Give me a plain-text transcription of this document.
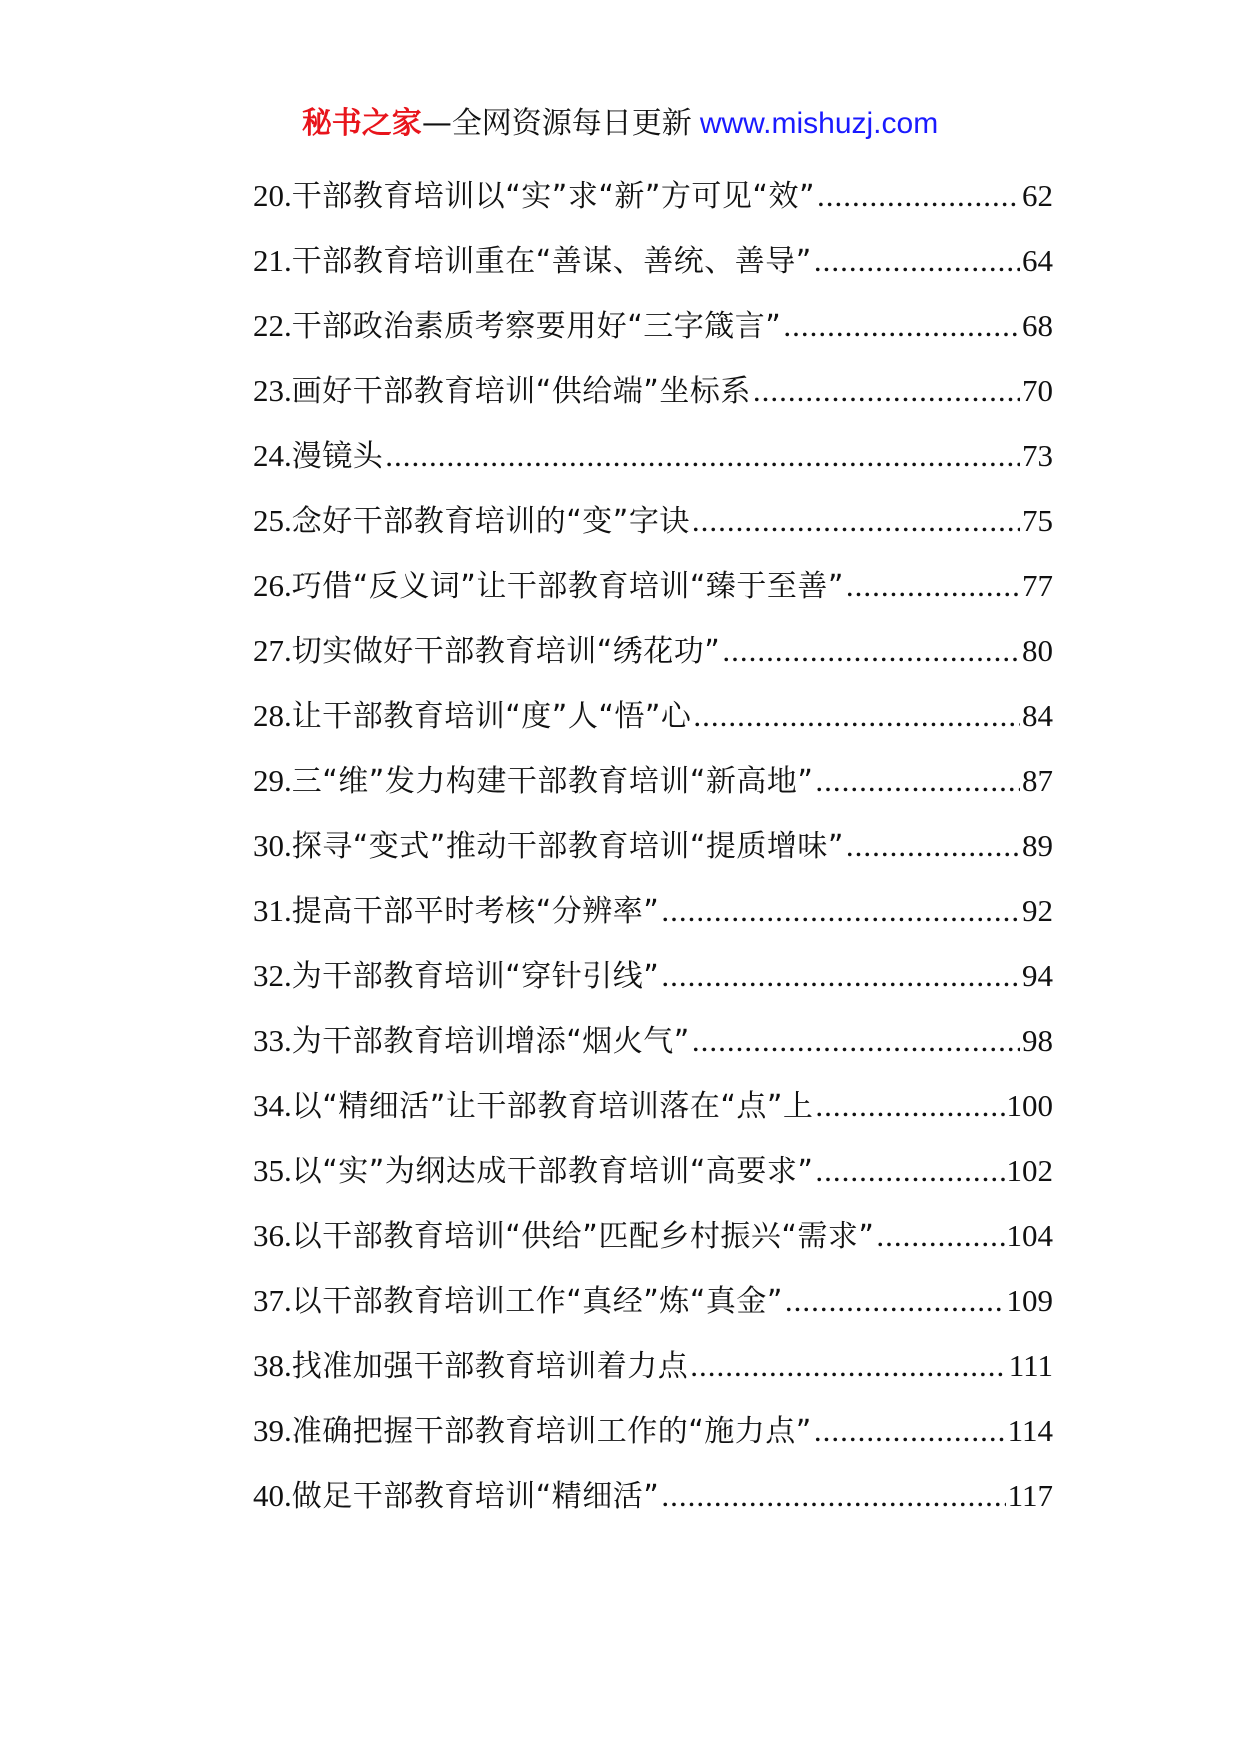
秘书之家—全网资源每日更新 www.mishuzj.com
20. 干部教育培训以“实”求“新”方可见“效” .....	62
21. 干部教育培训重在“善谋、善统、善导” .....	64
22. 干部政治素质考察要用好“三字箴言” .....	68
23. 画好干部教育培训“供给端”坐标系 .....	70
24. 漫镜头 .....	73
25. 念好干部教育培训的“变”字诀 .....	75
26. 巧借“反义词”让干部教育培训“臻于至善” .....	77
27. 切实做好干部教育培训“绣花功” .....	80
28. 让干部教育培训“度”人“悟”心 .....	84
29. 三“维”发力构建干部教育培训“新高地” .....	87
30. 探寻“变式”推动干部教育培训“提质增味” .....	89
31. 提高干部平时考核“分辨率” .....	92
32. 为干部教育培训“穿针引线” .....	94
33. 为干部教育培训增添“烟火气” .....	98
34. 以“精细活”让干部教育培训落在“点”上 .....	100
35. 以“实”为纲达成干部教育培训“高要求” .....	102
36. 以干部教育培训“供给”匹配乡村振兴“需求” .....	104
37. 以干部教育培训工作“真经”炼“真金” .....	109
38. 找准加强干部教育培训着力点 .....	111
39. 准确把握干部教育培训工作的“施力点” .....	114
40. 做足干部教育培训“精细活” .....	117
